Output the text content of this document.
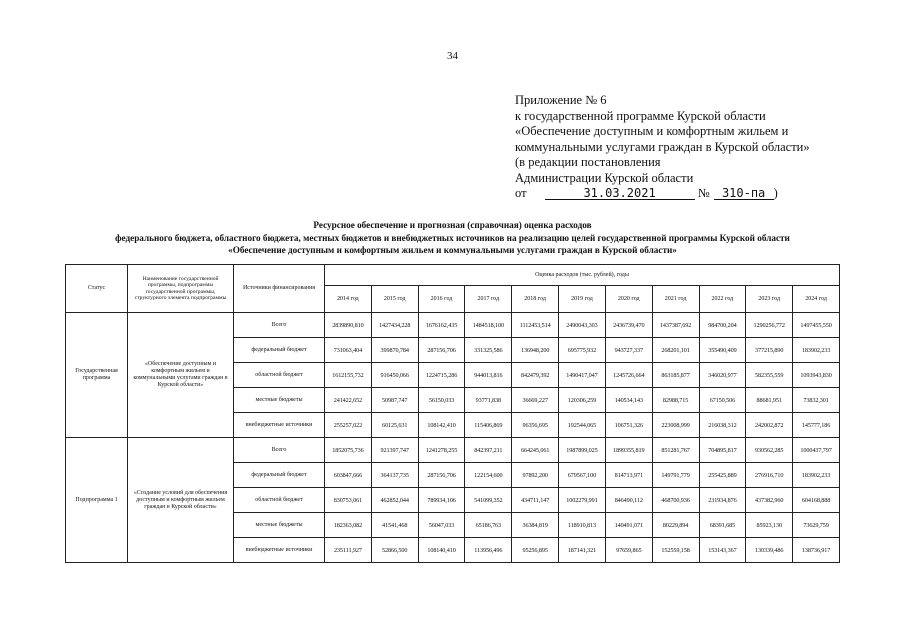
34
Приложение № 6
к государственной программе Курской области
«Обеспечение доступным и комфортным жильем и
коммунальными услугами граждан в Курской области»
(в редакции постановления
Администрации Курской области
от	31.03.2021	№ 310-па )
Ресурсное обеспечение и прогнозная (справочная) оценка расходов
федерального бюджета, областного бюджета, местных бюджетов и внебюджетных источников на реализацию целей государственной программы Курской области
«Обеспечение доступным и комфортным жильем и коммунальными услугами граждан в Курской области»
Статус	Наименование государственной программы, подпрограммы государственной программы, структурного элемента подпрограммы	Источники финансирования	Оценка расходов (тыс. рублей), годы										
			2014 год	2015 год	2016 год	2017 год	2018 год	2019 год	2020 год	2021 год	2022 год	2023 год	2024 год
Государственная программа	«Обеспечение доступным и комфортным жильем и коммунальными услугами граждан в Курской области»	Всего	2839890,810	1427434,228	1676162,435	1484518,100	1112453,514	2490043,303	2436739,470	1437387,692	984700,204	1290256,772	1497455,550
		федеральный бюджет	731063,404	399870,784	287156,706	331325,586	136948,200	695775,932	943727,337	268201,101	355490,409	377215,890	183902,233
		областной бюджет	1612155,732	916450,066	1224715,286	944013,816	842479,392	1490417,047	1245726,664	863185,877	346020,977	582355,559	1093943,830
		местные бюджеты	241422,652	50987,747	56150,033	93771,838	36669,227	120306,259	140534,143	82988,715	67150,506	88681,951	73832,301
		внебюджетные источники	255257,022	60125,631	108142,410	115406,869	96356,695	192544,065	106751,326	223008,999	216038,312	242002,872	145777,186
Подпрограмма 1	«Создание условий для обеспечения доступным и комфортным жильем граждан в Курской области»	Всего	1852075,736	921397,747	1241278,255	842397,211	664245,061	1987899,025	1899355,819	851281,767	704895,817	930562,285	1000437,797
		федеральный бюджет	603847,666	364137,735	287156,706	122154,600	97892,200	679567,100	814713,971	149791,779	255425,889	276916,710	183902,233
		областной бюджет	830753,061	462852,044	789934,106	541099,352	434711,147	1002279,991	846490,112	468700,936	231934,876	437382,960	604168,888
		местные бюджеты	182363,082	41541,468	56047,033	65186,763	36384,819	118910,813	140491,071	80229,894	68391,685	85923,130	73629,759
		внебюджетные источники	235111,927	52866,500	108140,410	113956,496	95256,895	187141,321	97659,865	152559,158	153143,367	130339,486	138736,917
